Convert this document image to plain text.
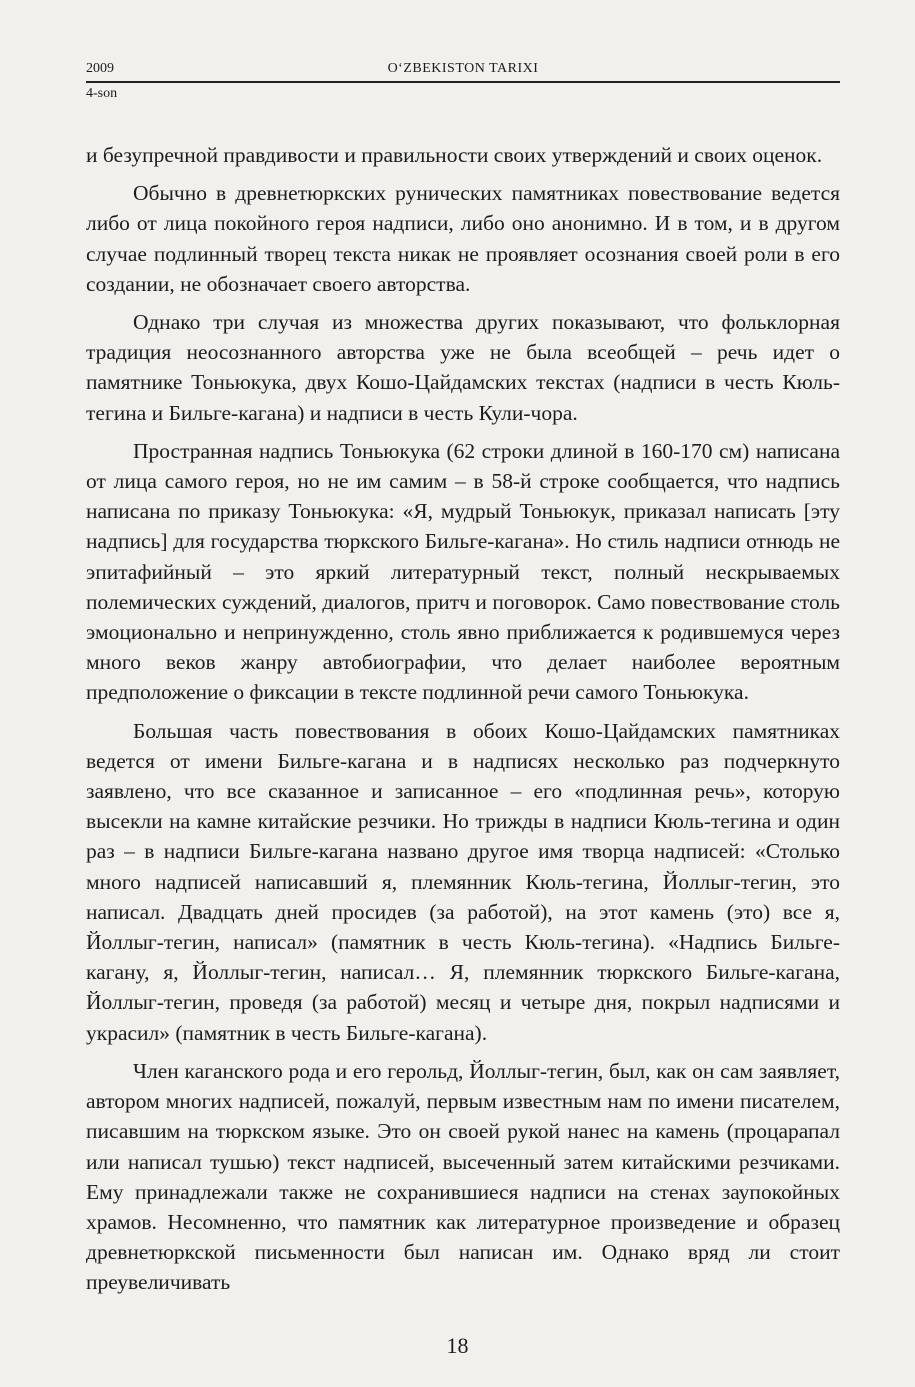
2009	O‘ZBEKISTON TARIXI
4-son

и безупречной правдивости и правильности своих утверждений и своих оценок.

Обычно в древнетюркских рунических памятниках повествование ведется либо от лица покойного героя надписи, либо оно анонимно. И в том, и в другом случае подлинный творец текста никак не проявляет осознания своей роли в его создании, не обозначает своего авторства.

Однако три случая из множества других показывают, что фольклорная традиция неосознанного авторства уже не была всеобщей – речь идет о памятнике Тоньюкука, двух Кошо-Цайдамских текстах (надписи в честь Кюль-тегина и Бильге-кагана) и надписи в честь Кули-чора.

Пространная надпись Тоньюкука (62 строки длиной в 160-170 см) написана от лица самого героя, но не им самим – в 58-й строке сообщается, что надпись написана по приказу Тоньюкука: «Я, мудрый Тоньюкук, приказал написать [эту надпись] для государства тюркского Бильге-кагана». Но стиль надписи отнюдь не эпитафийный – это яркий литературный текст, полный нескрываемых полемических суждений, диалогов, притч и поговорок. Само повествование столь эмоционально и непринужденно, столь явно приближается к родившемуся через много веков жанру автобиографии, что делает наиболее вероятным предположение о фиксации в тексте подлинной речи самого Тоньюкука.

Большая часть повествования в обоих Кошо-Цайдамских памятниках ведется от имени Бильге-кагана и в надписях несколько раз подчеркнуто заявлено, что все сказанное и записанное – его «подлинная речь», которую высекли на камне китайские резчики. Но трижды в надписи Кюль-тегина и один раз – в надписи Бильге-кагана названо другое имя творца надписей: «Столько много надписей написавший я, племянник Кюль-тегина, Йоллыг-тегин, это написал. Двадцать дней просидев (за работой), на этот камень (это) все я, Йоллыг-тегин, написал» (памятник в честь Кюль-тегина). «Надпись Бильге-кагану, я, Йоллыг-тегин, написал… Я, племянник тюркского Бильге-кагана, Йоллыг-тегин, проведя (за работой) месяц и четыре дня, покрыл надписями и украсил» (памятник в честь Бильге-кагана).

Член каганского рода и его герольд, Йоллыг-тегин, был, как он сам заявляет, автором многих надписей, пожалуй, первым известным нам по имени писателем, писавшим на тюркском языке. Это он своей рукой нанес на камень (процарапал или написал тушью) текст надписей, высеченный затем китайскими резчиками. Ему принадлежали также не сохранившиеся надписи на стенах заупокойных храмов. Несомненно, что памятник как литературное произведение и образец древнетюркской письменности был написан им. Однако вряд ли стоит преувеличивать

18
